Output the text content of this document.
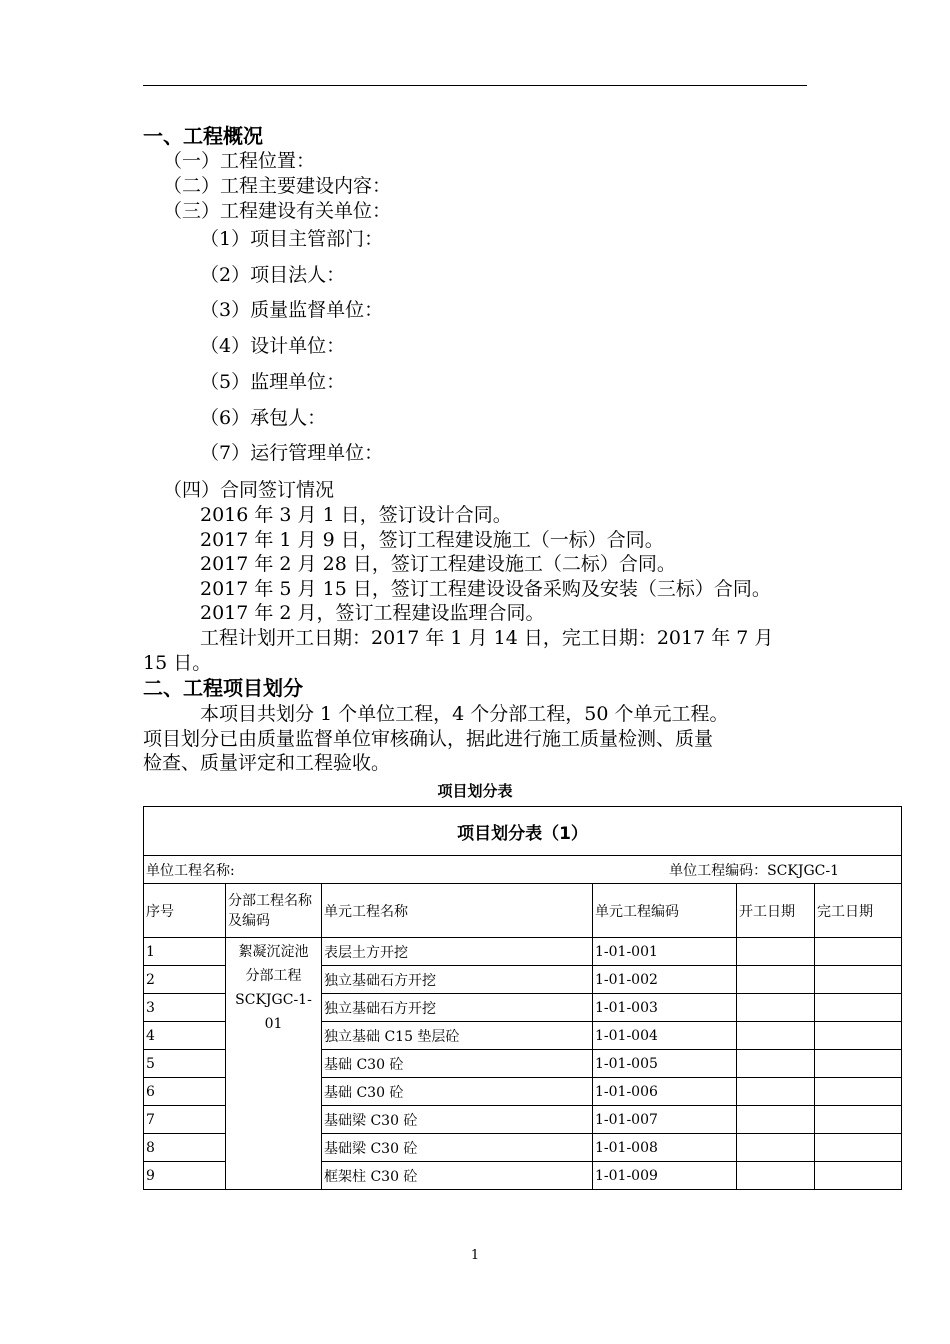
一、工程概况
（一）工程位置：
（二）工程主要建设内容：
（三）工程建设有关单位：
（1）项目主管部门：
（2）项目法人：
（3）质量监督单位：
（4）设计单位：
（5）监理单位：
（6）承包人：
（7）运行管理单位：
（四）合同签订情况
2016 年 3 月 1 日，签订设计合同。
2017 年 1 月 9 日，签订工程建设施工（一标）合同。
2017 年 2 月 28 日，签订工程建设施工（二标）合同。
2017 年 5 月 15 日，签订工程建设设备采购及安装（三标）合同。
2017 年 2 月，签订工程建设监理合同。
工程计划开工日期：2017 年 1 月 14 日，完工日期：2017 年 7 月
15 日。
二、工程项目划分
本项目共划分 1 个单位工程，4 个分部工程，50 个单元工程。
项目划分已由质量监督单位审核确认，据此进行施工质量检测、质量
检查、质量评定和工程验收。
项目划分表
项目划分表（1）					
单位工程名称: 单位工程编码：SCKJGC-1					

序号	分部工程名称及编码	单元工程名称	单元工程编码	开工日期	完工日期
1	絮凝沉淀池
分部工程
SCKJGC-1-01	表层土方开挖	1-01-001		
2		独立基础石方开挖	1-01-002		
3		独立基础石方开挖	1-01-003		
4		独立基础 C15 垫层砼	1-01-004		
5		基础 C30 砼	1-01-005		
6		基础 C30 砼	1-01-006		
7		基础梁 C30 砼	1-01-007		
8		基础梁 C30 砼	1-01-008		
9		框架柱 C30 砼	1-01-009		
1
